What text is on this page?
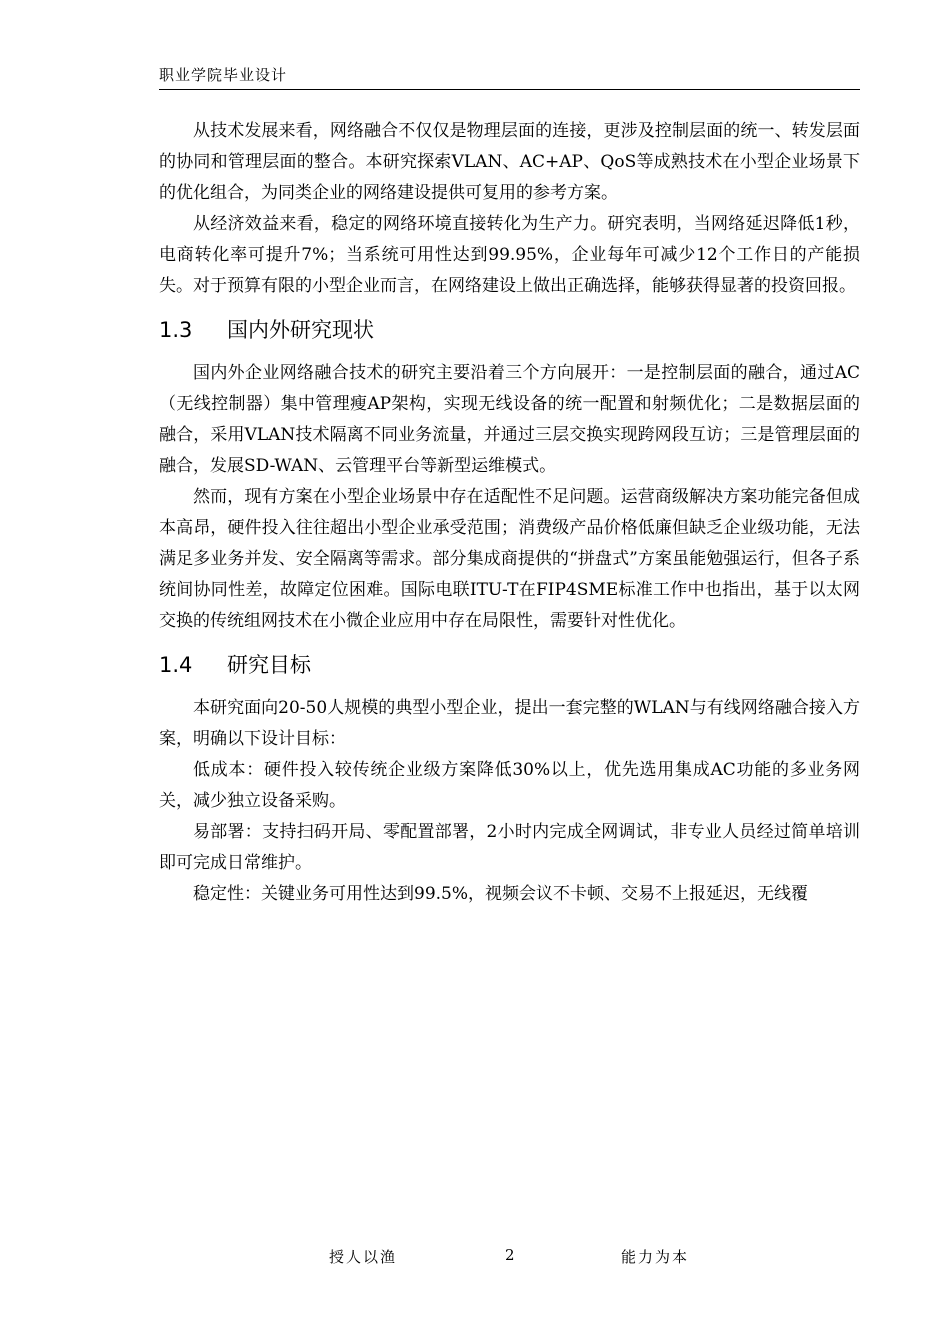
职业学院毕业设计

从技术发展来看，网络融合不仅仅是物理层面的连接，更涉及控制层面的统一、转发层面的协同和管理层面的整合。本研究探索VLAN、AC+AP、QoS等成熟技术在小型企业场景下的优化组合，为同类企业的网络建设提供可复用的参考方案。

从经济效益来看，稳定的网络环境直接转化为生产力。研究表明，当网络延迟降低1秒，电商转化率可提升7%；当系统可用性达到99.95%，企业每年可减少12个工作日的产能损失。对于预算有限的小型企业而言，在网络建设上做出正确选择，能够获得显著的投资回报。

1.3 国内外研究现状

国内外企业网络融合技术的研究主要沿着三个方向展开：一是控制层面的融合，通过AC（无线控制器）集中管理瘦AP架构，实现无线设备的统一配置和射频优化；二是数据层面的融合，采用VLAN技术隔离不同业务流量，并通过三层交换实现跨网段互访；三是管理层面的融合，发展SD-WAN、云管理平台等新型运维模式。

然而，现有方案在小型企业场景中存在适配性不足问题。运营商级解决方案功能完备但成本高昂，硬件投入往往超出小型企业承受范围；消费级产品价格低廉但缺乏企业级功能，无法满足多业务并发、安全隔离等需求。部分集成商提供的“拼盘式”方案虽能勉强运行，但各子系统间协同性差，故障定位困难。国际电联ITU-T在FIP4SME标准工作中也指出，基于以太网交换的传统组网技术在小微企业应用中存在局限性，需要针对性优化。

1.4 研究目标

本研究面向20-50人规模的典型小型企业，提出一套完整的WLAN与有线网络融合接入方案，明确以下设计目标：

低成本：硬件投入较传统企业级方案降低30%以上，优先选用集成AC功能的多业务网关，减少独立设备采购。

易部署：支持扫码开局、零配置部署，2小时内完成全网调试，非专业人员经过简单培训即可完成日常维护。

稳定性：关键业务可用性达到99.5%，视频会议不卡顿、交易不上报延迟，无线覆

授人以渔	2	能力为本
